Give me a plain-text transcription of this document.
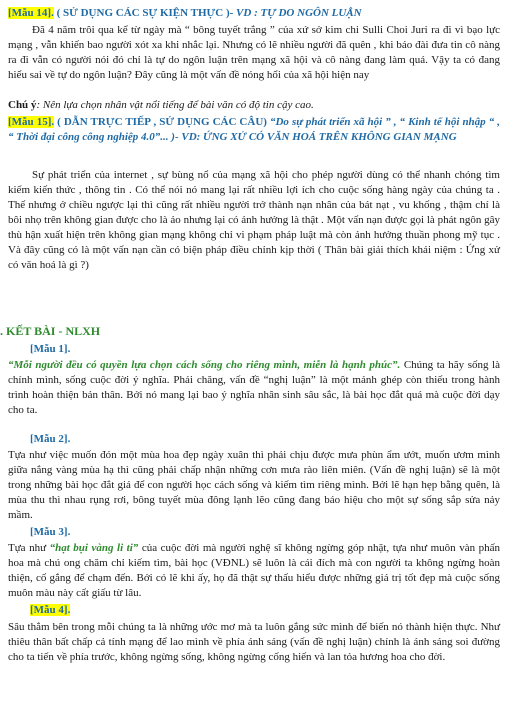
[Mẫu 14]. ( SỬ DỤNG CÁC SỰ KIỆN THỰC )- VD : TỰ DO NGÔN LUẬN

Đã 4 năm trôi qua kể từ ngày mà “ bông tuyết trắng ” của xứ sở kim chi Sulli Choi Juri ra đi vì bạo lực mạng , vẫn khiến bao người xót xa khi nhắc lại. Nhưng có lẽ nhiều người đã quên , khi báo đài đưa tin cô nàng ra đi vẫn có người nói đó chỉ là tự do ngôn luận trên mạng xã hội và cô nàng đang làm quá. Vậy ta có đang hiểu sai về tự do ngôn luận? Đây cũng là một vấn đề nóng hổi của xã hội hiện nay

Chú ý: Nên lựa chọn nhân vật nổi tiếng để bài văn có độ tin cậy cao.

[Mẫu 15]. ( DẪN TRỰC TIẾP , SỬ DỤNG CÁC CÂU) “Do sự phát triển xã hội ” , “ Kinh tế hội nhập “ , “ Thời đại công công nghiệp 4.0”... )- VD: ỨNG XỬ CÓ VĂN HOÁ TRÊN KHÔNG GIAN MẠNG

Sự phát triển của internet , sự bùng nổ của mạng xã hội cho phép người dùng có thể nhanh chóng tìm kiếm kiến thức , thông tin . Có thể nói nó mang lại rất nhiều lợi ích cho cuộc sống hàng ngày của chúng ta . Thế nhưng ở chiều ngược lại thì cũng rất nhiều người trở thành nạn nhân của bát nạt , vu khống , thậm chí là bôi nhọ trên không gian được cho là ảo nhưng lại có ảnh hưởng là thật . Một vấn nạn được gọi là phát ngôn gây thù hận xuất hiện trên không gian mạng không chỉ vi phạm pháp luật mà còn ảnh hưởng thuần phong mỹ tục . Và đây cũng có là một vấn nạn cần có biện pháp điều chỉnh kịp thời ( Thân bài giải thích khái niệm : Ứng xử có văn hoá là gì ?)

. KẾT BÀI - NLXH

[Mẫu 1].

“Mỗi người đều có quyền lựa chọn cách sống cho riêng mình, miễn là hạnh phúc”. Chúng ta hãy sống là chính mình, sống cuộc đời ý nghĩa. Phải chăng, vấn đề “nghị luận” là một mảnh ghép còn thiếu trong hành trình hoàn thiện bản thân. Bởi nó mang lại bao ý nghĩa nhân sinh sâu sắc, là bài học đắt quá mà cuộc đời dạy cho ta.

[Mẫu 2].

Tựa như việc muốn đón một mùa hoa đẹp ngày xuân thì phải chịu được mưa phùn ẩm ướt, muốn ươm mình giữa nắng vàng mùa hạ thì cũng phải chấp nhận những cơn mưa rào liên miên. (Vấn đề nghị luận) sẽ là một trong những bài học đắt giá để con người học cách sống và kiếm tìm riêng mình. Bởi lẽ hạn hẹp bằng quên, là mùa thu thì nhau rụng rơi, bông tuyết mùa đông lạnh lẽo cũng đang báo hiệu cho một sự sống sắp sửa nảy mầm.

[Mẫu 3].

Tựa như “hạt bụi vàng li ti” của cuộc đời mà người nghệ sĩ không ngừng góp nhặt, tựa như muôn vàn phấn hoa mà chú ong chăm chỉ kiếm tìm, bài học (VĐNL) sẽ luôn là cái đích mà con người ta không ngừng hoàn thiện, cố gắng để chạm đến. Bởi có lẽ khi ấy, họ đã thật sự thấu hiểu được những giá trị tốt đẹp mà cuộc sống muôn màu này cất giấu từ lâu.

[Mẫu 4].

Sâu thẳm bên trong mỗi chúng ta là những ước mơ mà ta luôn gắng sức mình để biến nó thành hiện thực. Như thiêu thân bất chấp cả tính mạng để lao mình về phía ánh sáng (vấn đề nghị luận) chính là ánh sáng soi đường cho ta tiến về phía trước, không ngừng sống, không ngừng cống hiến và lan tỏa hương hoa cho đời.
